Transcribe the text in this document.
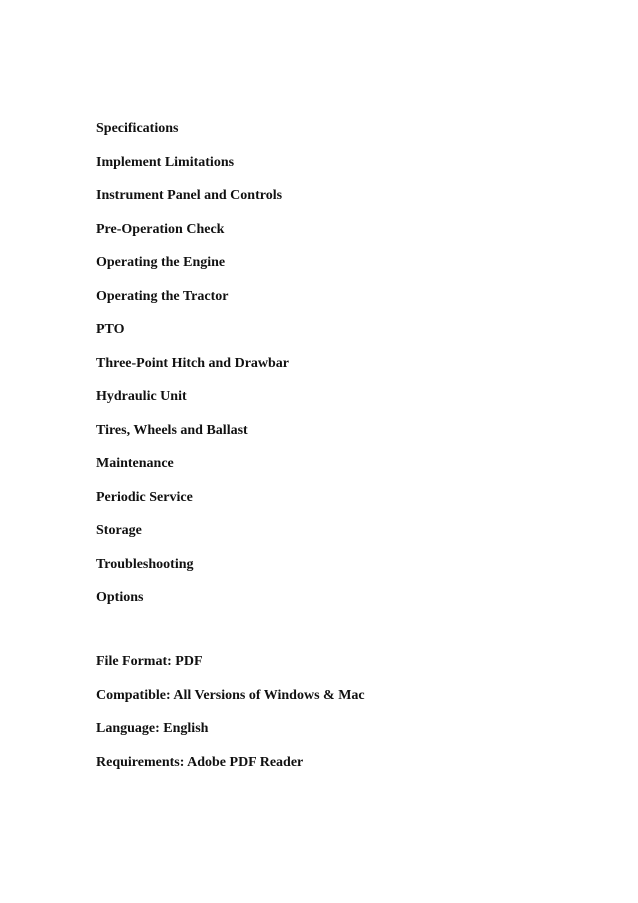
Specifications
Implement Limitations
Instrument Panel and Controls
Pre-Operation Check
Operating the Engine
Operating the Tractor
PTO
Three-Point Hitch and Drawbar
Hydraulic Unit
Tires, Wheels and Ballast
Maintenance
Periodic Service
Storage
Troubleshooting
Options
File Format: PDF
Compatible: All Versions of Windows & Mac
Language: English
Requirements: Adobe PDF Reader
